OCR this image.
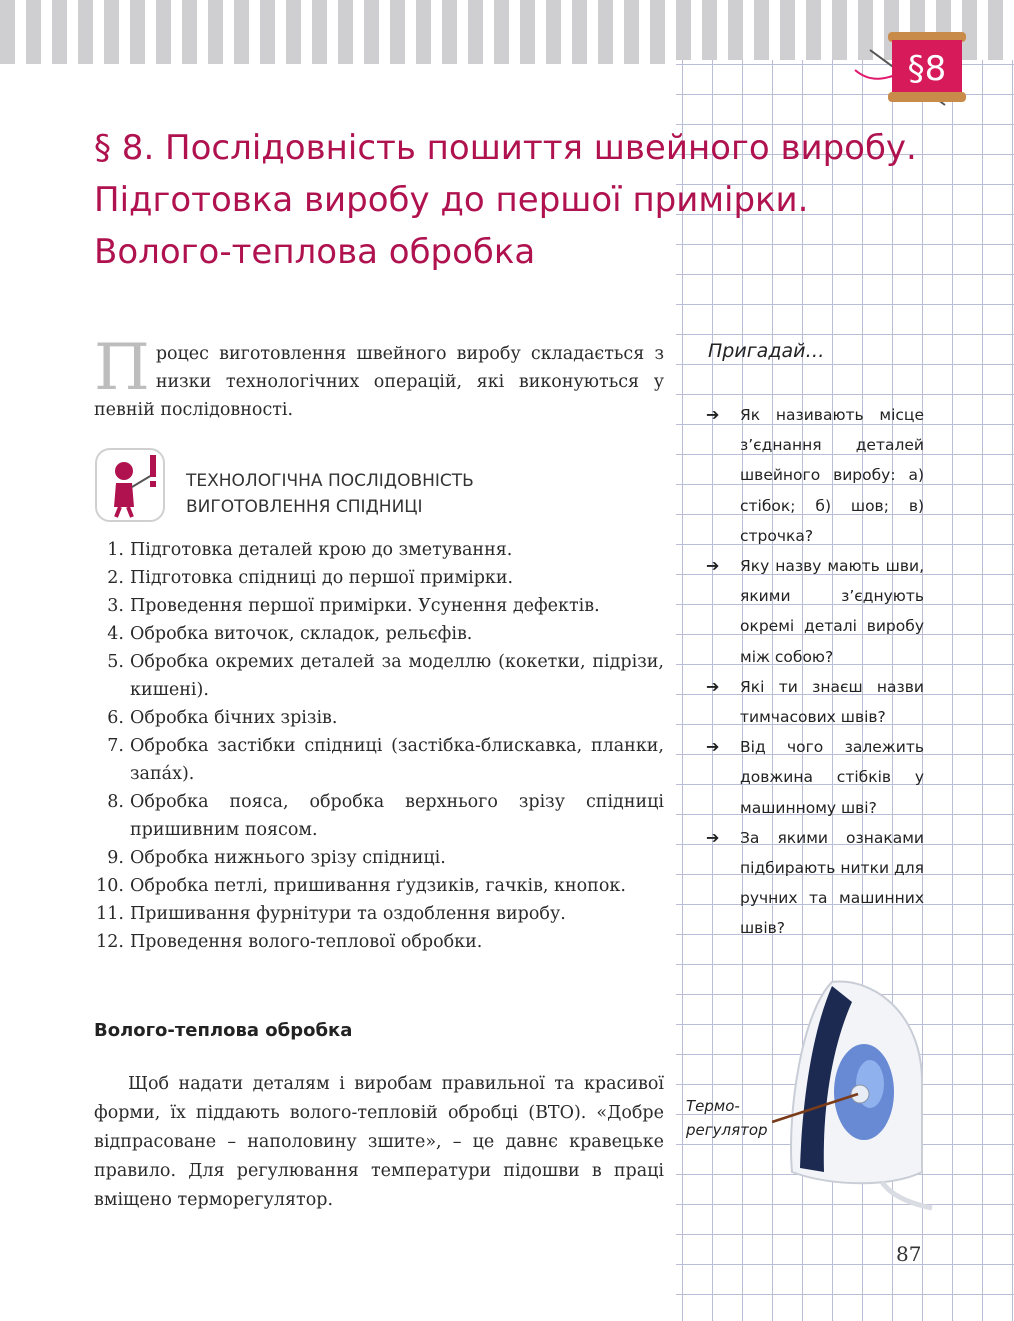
§8
§ 8. Послідовність пошиття швейного виробу.
Підготовка виробу до першої примірки.
Волого-теплова обробка

П роцес виготовлення швейного виробу складається з низки технологічних операцій, які виконуються у певній послідовності.

ТЕХНОЛОГІЧНА ПОСЛІДОВНІСТЬ
ВИГОТОВЛЕННЯ СПІДНИЦІ
1. Підготовка деталей крою до зметування.
2. Підготовка спідниці до першої примірки.
3. Проведення першої примірки. Усунення дефектів.
4. Обробка виточок, складок, рельєфів.
5. Обробка окремих деталей за моделлю (кокетки, підрізи, кишені).
6. Обробка бічних зрізів.
7. Обробка застібки спідниці (застібка-блискавка, планки, запáх).
8. Обробка пояса, обробка верхнього зрізу спідниці пришивним поясом.
9. Обробка нижнього зрізу спідниці.
10. Обробка петлі, пришивання ґудзиків, гачків, кнопок.
11. Пришивання фурнітури та оздоблення виробу.
12. Проведення волого-теплової обробки.
Волого-теплова обробка

Щоб надати деталям і виробам правильної та красивої форми, їх піддають волого-тепловій обробці (ВТО). «Добре відпрасоване – наполовину зшите», – це давнє кравецьке правило. Для регулювання температури підошви в праці вміщено терморегулятор.

Пригадай…
➔	Як називають місце з’єднання деталей швейного виробу: а) стібок; б) шов; в) строчка?
➔	Яку назву мають шви, якими з’єднують окремі деталі виробу між собою?
➔	Які ти знаєш назви тимчасових швів?
➔	Від чого залежить довжина стібків у машинному шві?
➔	За якими ознаками підбирають нитки для ручних та машинних швів?
Термо-
регулятор
87
